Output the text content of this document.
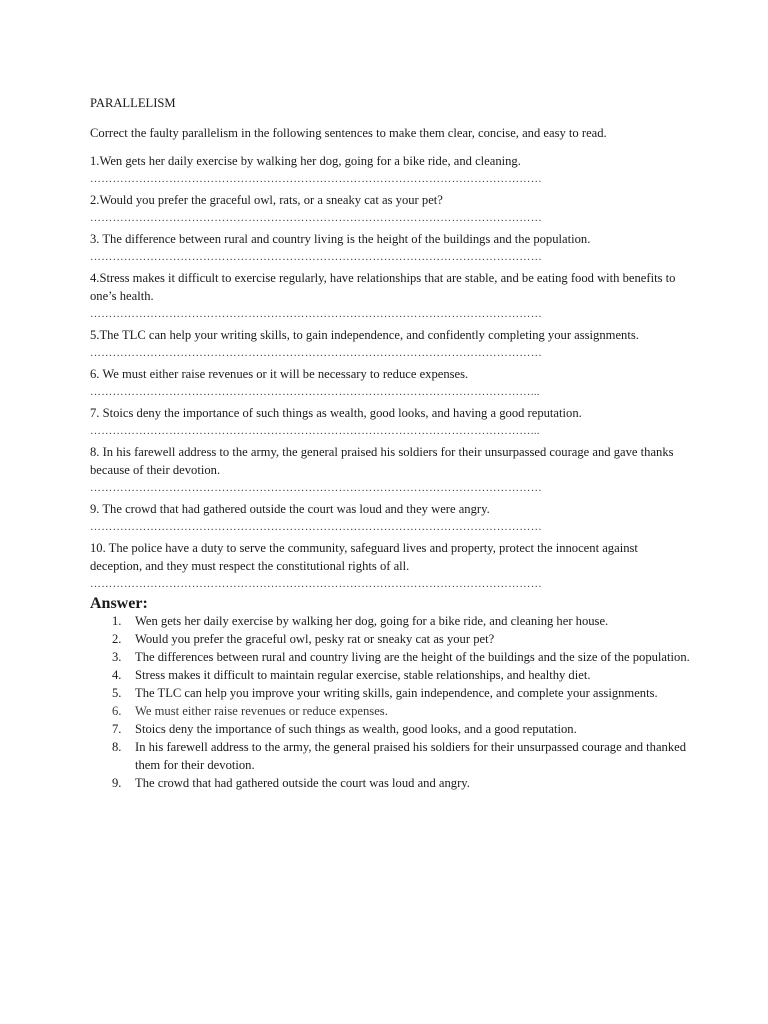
PARALLELISM
Correct the faulty parallelism in the following sentences to make them clear, concise, and easy to read.
1.Wen gets her daily exercise by walking her dog, going for a bike ride, and cleaning.
…………………………………………………………………………………………………………
2.Would you prefer the graceful owl, rats, or a sneaky cat as your pet?
…………………………………………………………………………………………………………
3. The difference between rural and country living is the height of the buildings and the population.
…………………………………………………………………………………………………………
4.Stress makes it difficult to exercise regularly, have relationships that are stable, and be eating food with benefits to one’s health.
…………………………………………………………………………………………………………
5.The TLC can help your writing skills, to gain independence, and confidently completing your assignments.
…………………………………………………………………………………………………………
6. We must either raise revenues or it will be necessary to reduce expenses.
………………………………………………………………………………………………………...
7. Stoics deny the importance of such things as wealth, good looks, and having a good reputation.
………………………………………………………………………………………………………...
8. In his farewell address to the army, the general praised his soldiers for their unsurpassed courage and gave thanks because of their devotion.
…………………………………………………………………………………………………………
9. The crowd that had gathered outside the court was loud and they were angry.
…………………………………………………………………………………………………………
10. The police have a duty to serve the community, safeguard lives and property, protect the innocent against deception, and they must respect the constitutional rights of all.
…………………………………………………………………………………………………………
Answer:
1. Wen gets her daily exercise by walking her dog, going for a bike ride, and cleaning her house.
2. Would you prefer the graceful owl, pesky rat or sneaky cat as your pet?
3. The differences between rural and country living are the height of the buildings and the size of the population.
4. Stress makes it difficult to maintain regular exercise, stable relationships, and healthy diet.
5. The TLC can help you improve your writing skills, gain independence, and complete your assignments.
6. We must either raise revenues or reduce expenses.
7. Stoics deny the importance of such things as wealth, good looks, and a good reputation.
8. In his farewell address to the army, the general praised his soldiers for their unsurpassed courage and thanked them for their devotion.
9. The crowd that had gathered outside the court was loud and angry.
